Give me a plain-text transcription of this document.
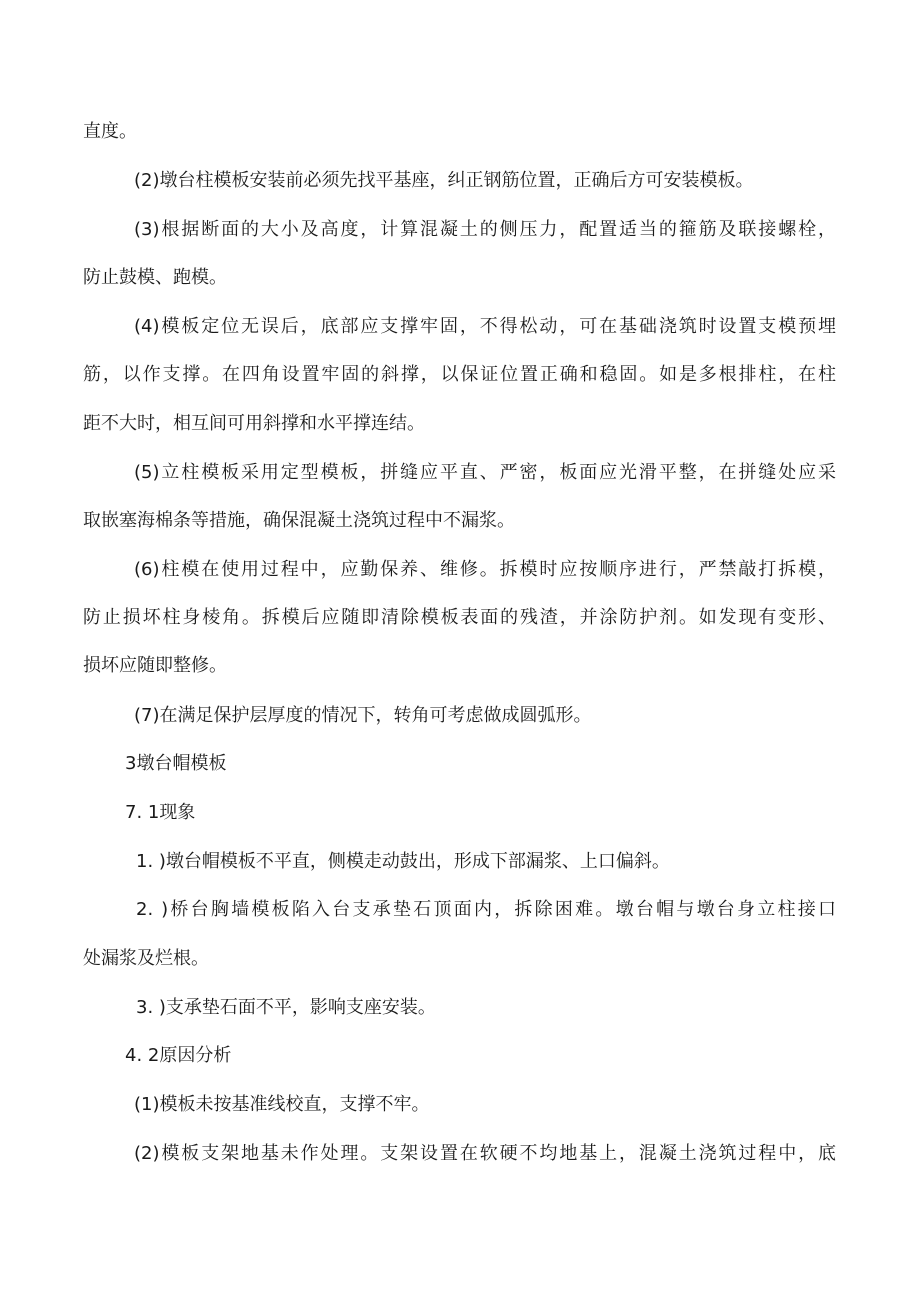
直度。
(2)墩台柱模板安装前必须先找平基座，纠正钢筋位置，正确后方可安装模板。
(3)根据断面的大小及高度，计算混凝土的侧压力，配置适当的箍筋及联接螺栓，
防止鼓模、跑模。
(4)模板定位无误后，底部应支撑牢固，不得松动，可在基础浇筑时设置支模预埋
筋，以作支撑。在四角设置牢固的斜撑，以保证位置正确和稳固。如是多根排柱，在柱
距不大时，相互间可用斜撑和水平撑连结。
(5)立柱模板采用定型模板，拼缝应平直、严密，板面应光滑平整，在拼缝处应采
取嵌塞海棉条等措施，确保混凝土浇筑过程中不漏浆。
(6)柱模在使用过程中，应勤保养、维修。拆模时应按顺序进行，严禁敲打拆模，
防止损坏柱身棱角。拆模后应随即清除模板表面的残渣，并涂防护剂。如发现有变形、
损坏应随即整修。
(7)在满足保护层厚度的情况下，转角可考虑做成圆弧形。
3墩台帽模板
7. 1现象
1. )墩台帽模板不平直，侧模走动鼓出，形成下部漏浆、上口偏斜。
2. )桥台胸墙模板陷入台支承垫石顶面内，拆除困难。墩台帽与墩台身立柱接口
处漏浆及烂根。
3. )支承垫石面不平，影响支座安装。
4. 2原因分析
(1)模板未按基准线校直，支撑不牢。
(2)模板支架地基未作处理。支架设置在软硬不均地基上，混凝土浇筑过程中，底
